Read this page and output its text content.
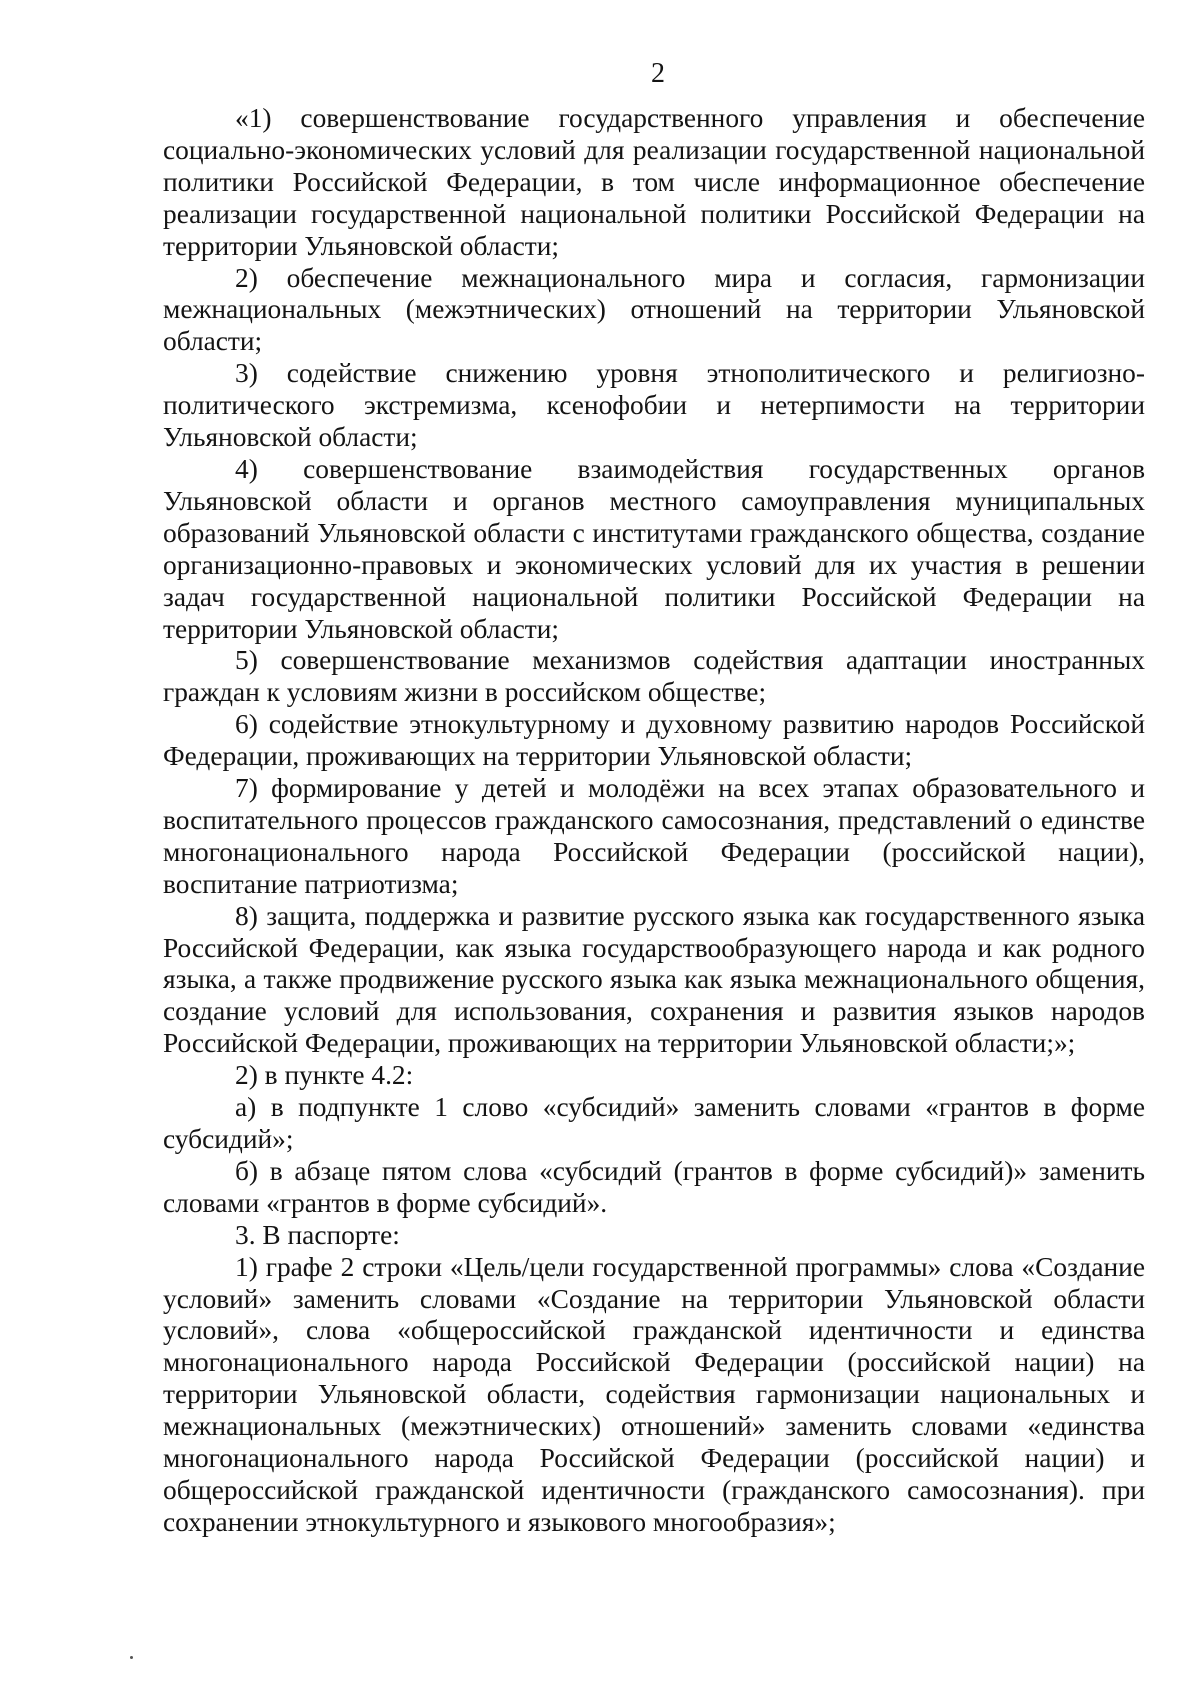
2

«1) совершенствование государственного управления и обеспечение социально-экономических условий для реализации государственной национальной политики Российской Федерации, в том числе информационное обеспечение реализации государственной национальной политики Российской Федерации на территории Ульяновской области;

2) обеспечение межнационального мира и согласия, гармонизации межнациональных (межэтнических) отношений на территории Ульяновской области;

3) содействие снижению уровня этнополитического и религиозно-политического экстремизма, ксенофобии и нетерпимости на территории Ульяновской области;

4) совершенствование взаимодействия государственных органов Ульяновской области и органов местного самоуправления муниципальных образований Ульяновской области с институтами гражданского общества, создание организационно-правовых и экономических условий для их участия в решении задач государственной национальной политики Российской Федерации на территории Ульяновской области;

5) совершенствование механизмов содействия адаптации иностранных граждан к условиям жизни в российском обществе;

6) содействие этнокультурному и духовному развитию народов Российской Федерации, проживающих на территории Ульяновской области;

7) формирование у детей и молодёжи на всех этапах образовательного и воспитательного процессов гражданского самосознания, представлений о единстве многонационального народа Российской Федерации (российской нации), воспитание патриотизма;

8) защита, поддержка и развитие русского языка как государственного языка Российской Федерации, как языка государствообразующего народа и как родного языка, а также продвижение русского языка как языка межнационального общения, создание условий для использования, сохранения и развития языков народов Российской Федерации, проживающих на территории Ульяновской области;»;

2) в пункте 4.2:

а) в подпункте 1 слово «субсидий» заменить словами «грантов в форме субсидий»;

б) в абзаце пятом слова «субсидий (грантов в форме субсидий)» заменить словами «грантов в форме субсидий».

3. В паспорте:

1) графе 2 строки «Цель/цели государственной программы» слова «Создание условий» заменить словами «Создание на территории Ульяновской области условий», слова «общероссийской гражданской идентичности и единства многонационального народа Российской Федерации (российской нации) на территории Ульяновской области, содействия гармонизации национальных и межнациональных (межэтнических) отношений» заменить словами «единства многонационального народа Российской Федерации (российской нации) и общероссийской гражданской идентичности (гражданского самосознания). при сохранении этнокультурного и языкового многообразия»;
